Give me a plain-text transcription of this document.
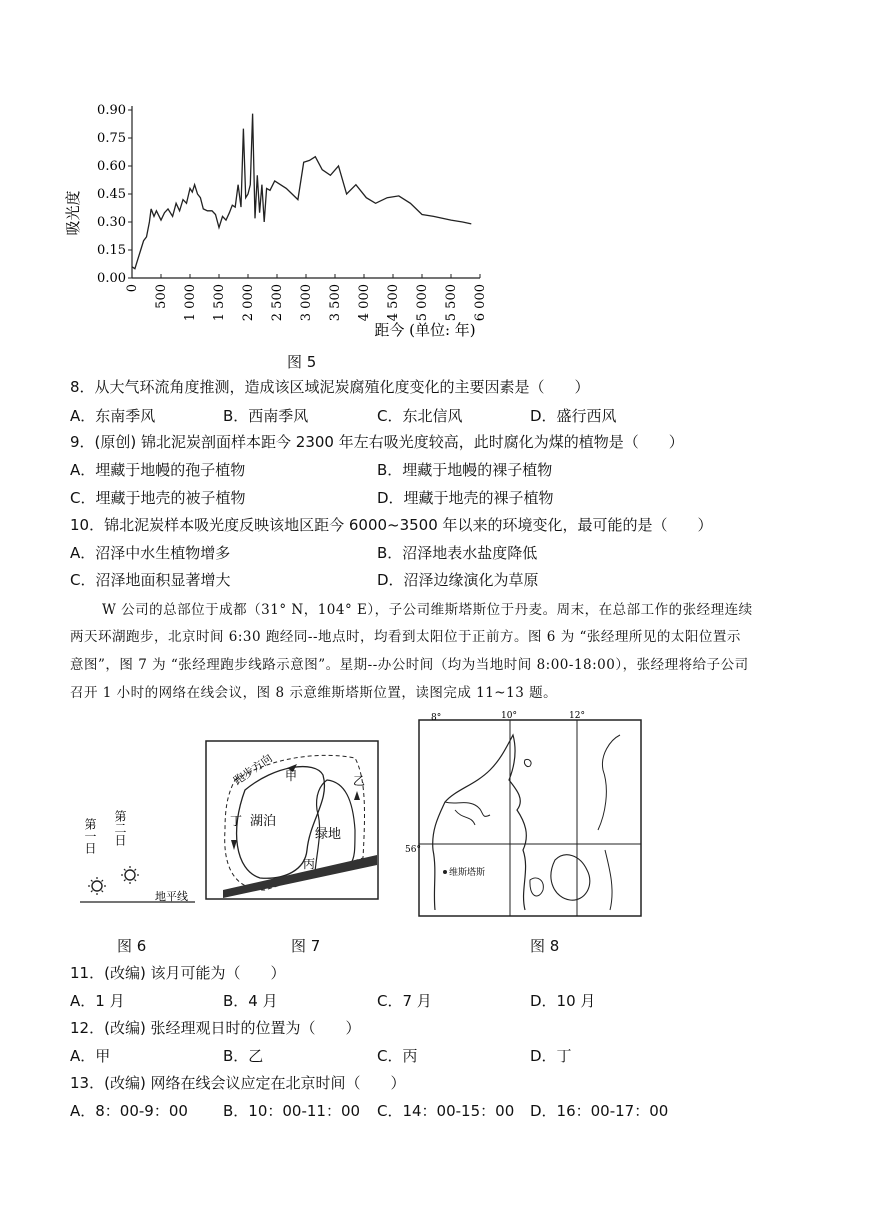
0.00
0.15
0.30
0.45
0.60
0.75
0.90
0 500 1 000 1 500 2 000 2 500 3 000 3 500 4 000 4 500 5 000 5 500 6 000
吸光度
距今 (单位: 年)
图 5
8．从大气环流角度推测，造成该区域泥炭腐殖化度变化的主要因素是（　　）
A．东南季风	B．西南季风	C．东北信风	D．盛行西风
9．(原创) 锦北泥炭剖面样本距今 2300 年左右吸光度较高，此时腐化为煤的植物是（　　）
A．埋藏于地幔的孢子植物	B．埋藏于地幔的裸子植物
C．埋藏于地壳的被子植物	D．埋藏于地壳的裸子植物
10．锦北泥炭样本吸光度反映该地区距今 6000~3500 年以来的环境变化，最可能的是（　　）
A．沼泽中水生植物增多	B．沼泽地表水盐度降低
C．沼泽地面积显著增大	D．沼泽边缘演化为草原
W 公司的总部位于成都（31° N，104° E），子公司维斯塔斯位于丹麦。周末，在总部工作的张经理连续
两天环湖跑步，北京时间 6:30 跑经同--地点时，均看到太阳位于正前方。图 6 为 “张经理所见的太阳位置示
意图”，图 7 为 “张经理跑步线路示意图”。星期--办公时间（均为当地时间 8:00-18:00），张经理将给子公司
召开 1 小时的网络在线会议，图 8 示意维斯塔斯位置，读图完成 11~13 题。
第一日 第二日
地平线
图 6
跑步方向 甲	乙
丙
丁 湖泊
绿地
图 7
8°	10°	12°
56°
维斯塔斯
图 8
11．(改编) 该月可能为（　　）
A．1 月	B．4 月	C．7 月	D．10 月
12．(改编) 张经理观日时的位置为（　　）
A．甲	B．乙	C．丙	D．丁
13．(改编) 网络在线会议应定在北京时间（　　）
A．8：00-9：00 B．10：00-11：00 C．14：00-15：00 D．16：00-17：00
